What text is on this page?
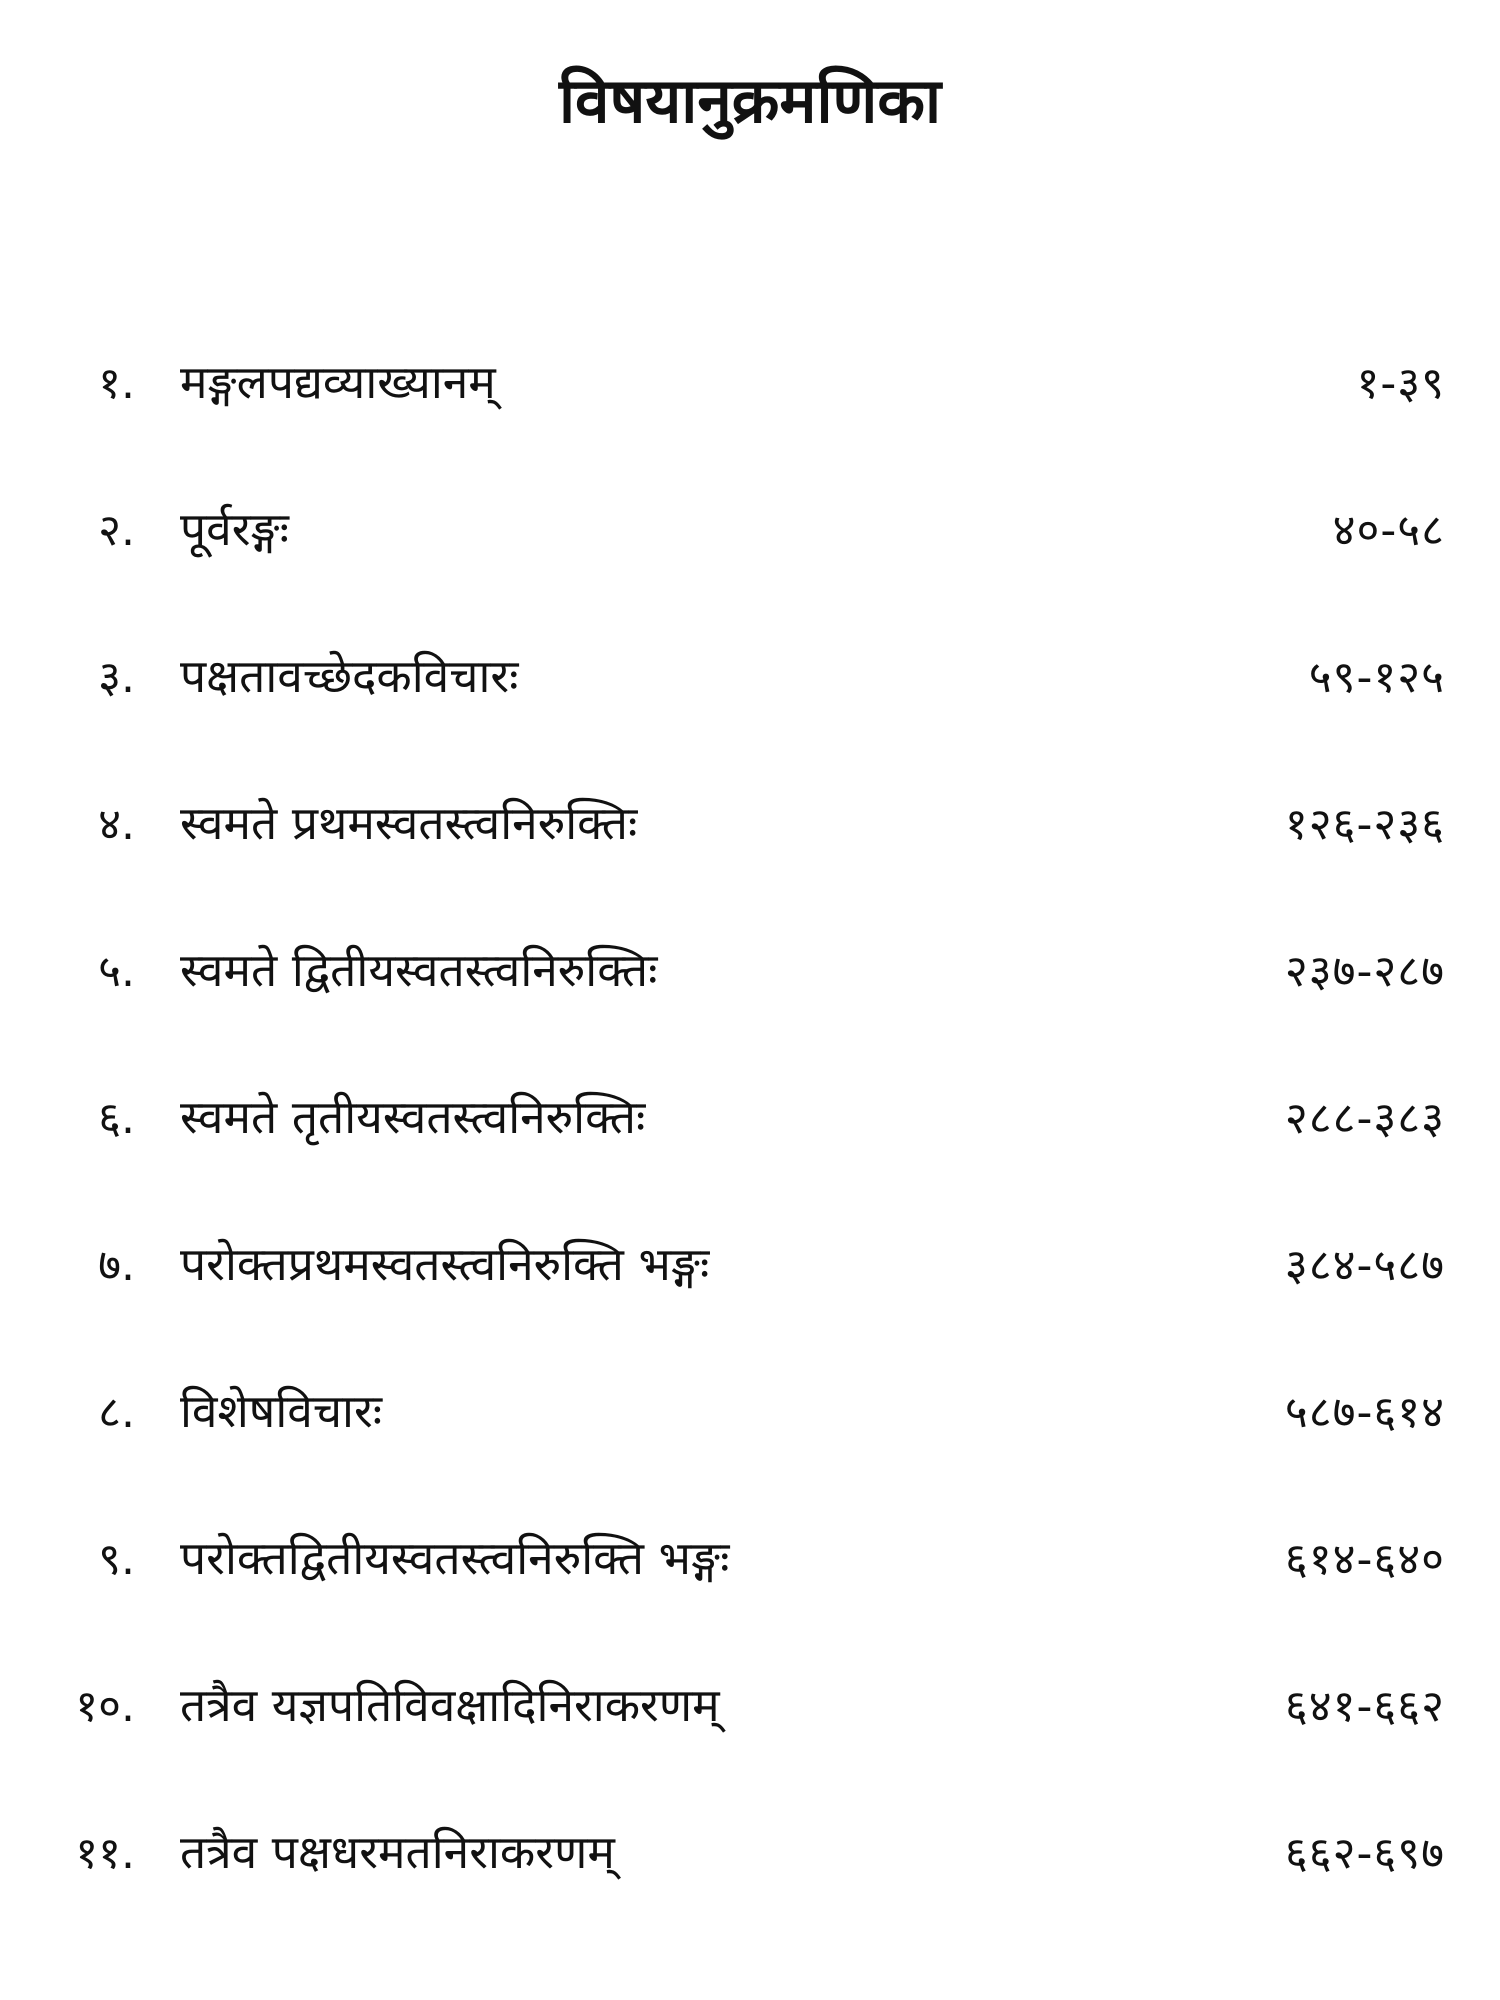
विषयानुक्रमणिका
१. मङ्गलपद्यव्याख्यानम्	१-३९
२. पूर्वरङ्गः	४०-५८
३. पक्षतावच्छेदकविचारः	५९-१२५
४. स्वमते प्रथमस्वतस्त्वनिरुक्तिः	१२६-२३६
५. स्वमते द्वितीयस्वतस्त्वनिरुक्तिः	२३७-२८७
६. स्वमते तृतीयस्वतस्त्वनिरुक्तिः	२८८-३८३
७. परोक्तप्रथमस्वतस्त्वनिरुक्ति भङ्गः	३८४-५८७
८. विशेषविचारः	५८७-६१४
९. परोक्तद्वितीयस्वतस्त्वनिरुक्ति भङ्गः	६१४-६४०
१०. तत्रैव यज्ञपतिविवक्षादिनिराकरणम्	६४१-६६२
११. तत्रैव पक्षधरमतनिराकरणम्	६६२-६९७
